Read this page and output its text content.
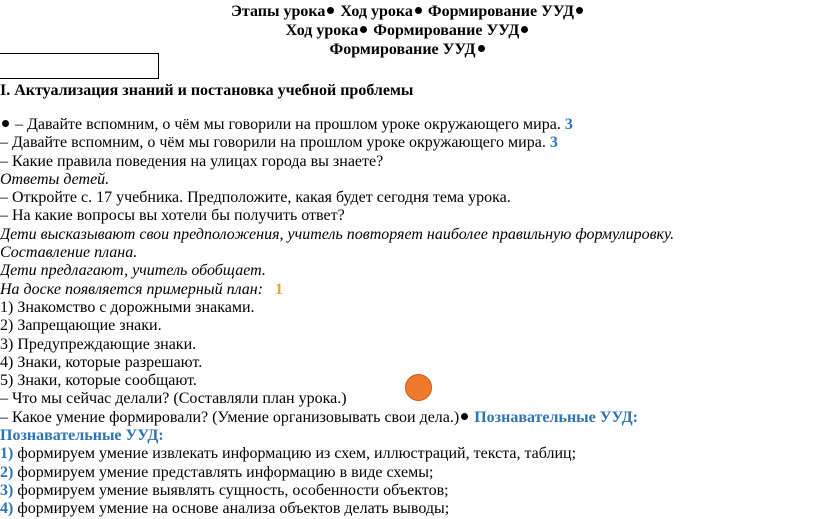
Этапы урока Ход урока Формирование УУД
Ход урока Формирование УУД
Формирование УУД
I. Актуализация знаний и постановка учебной проблемы
– Давайте вспомним, о чём мы говорили на прошлом уроке окружающего мира. 3
– Давайте вспомним, о чём мы говорили на прошлом уроке окружающего мира. 3
– Какие правила поведения на улицах города вы знаете?
Ответы детей.
– Откройте с. 17 учебника. Предположите, какая будет сегодня тема урока.
– На какие вопросы вы хотели бы получить ответ?
Дети высказывают свои предположения, учитель повторяет наиболее правильную формулировку.
Составление плана.
Дети предлагают, учитель обобщает.
На доске появляется примерный план: 1
1) Знакомство с дорожными знаками.
2) Запрещающие знаки.
3) Предупреждающие знаки.
4) Знаки, которые разрешают.
5) Знаки, которые сообщают.
– Что мы сейчас делали? (Составляли план урока.)
– Какое умение формировали? (Умение организовывать свои дела.) Познавательные УУД:
Познавательные УУД:
1) формируем умение извлекать информацию из схем, иллюстраций, текста, таблиц;
2) формируем умение представлять информацию в виде схемы;
3) формируем умение выявлять сущность, особенности объектов;
4) формируем умение на основе анализа объектов делать выводы;
